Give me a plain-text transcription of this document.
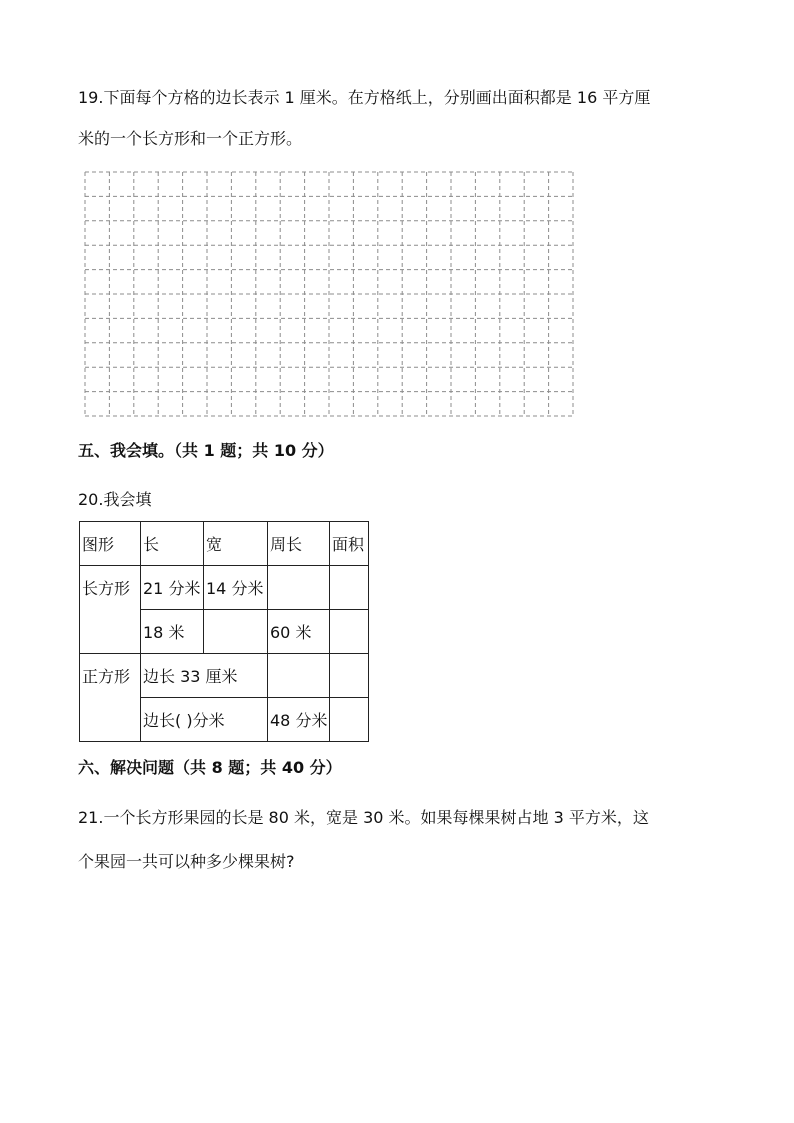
19.下面每个方格的边长表示 1 厘米。在方格纸上，分别画出面积都是 16 平方厘
米的一个长方形和一个正方形。
五、我会填。（共 1 题；共 10 分）
20.我会填
图形	长	宽	周长	面积
长方形	21 分米	14 分米		
	18 米		60 米	
正方形	边长 33 厘米			
	边长( )分米		48 分米	
六、解决问题（共 8 题；共 40 分）
21.一个长方形果园的长是 80 米，宽是 30 米。如果每棵果树占地 3 平方米，这
个果园一共可以种多少棵果树?
